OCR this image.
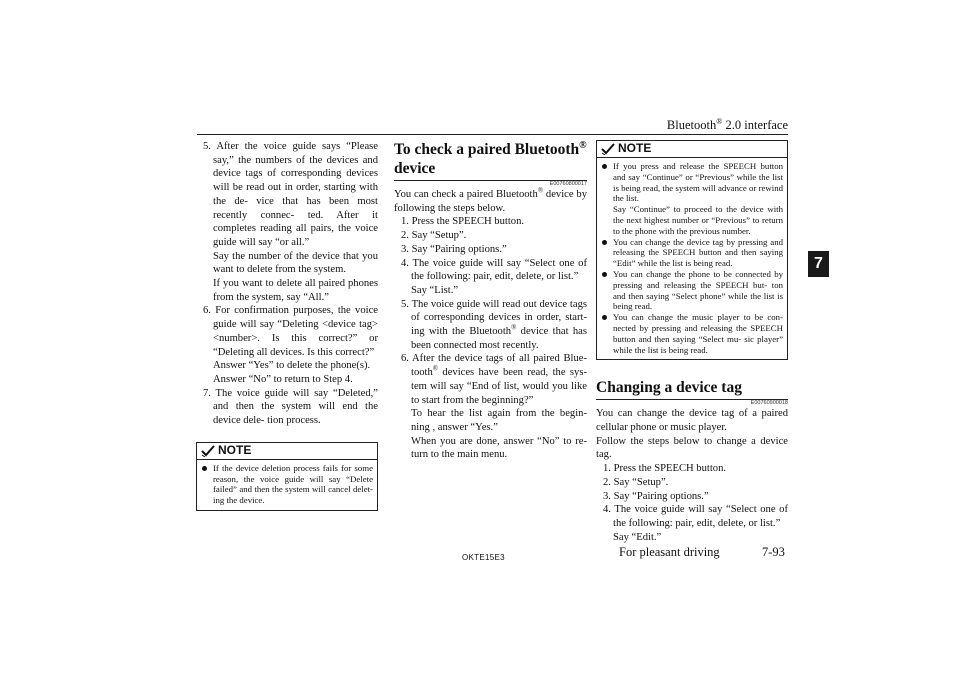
Bluetooth® 2.0 interface
7

5. After the voice guide says “Please say,” the numbers of the devices and device tags of corresponding devices will be read out in order, starting with the de- vice that has been most recently connec- ted. After it completes reading all pairs, the voice guide will say “or all.”

Say the number of the device that you want to delete from the system.

If you want to delete all paired phones from the system, say “All.”

6. For confirmation purposes, the voice guide will say “Deleting <device tag> <number>. Is this correct?” or “Deleting all devices. Is this correct?”

Answer “Yes” to delete the phone(s).

Answer “No” to return to Step 4.

7. The voice guide will say “Deleted,” and then the system will end the device dele- tion process.

NOTE

If the device deletion process fails for some reason, the voice guide will say “Delete failed” and then the system will cancel delet- ing the device.

To check a paired Bluetooth®
device
E00760800017

You can check a paired Bluetooth® device by following the steps below.

1. Press the SPEECH button.

2. Say “Setup”.

3. Say “Pairing options.”

4. The voice guide will say “Select one of the following: pair, edit, delete, or list.”

Say “List.”

5. The voice guide will read out device tags of corresponding devices in order, start- ing with the Bluetooth® device that has been connected most recently.

6. After the device tags of all paired Blue- tooth® devices have been read, the sys- tem will say “End of list, would you like to start from the beginning?”

To hear the list again from the begin- ning , answer “Yes.”

When you are done, answer “No” to re- turn to the main menu.

NOTE

If you press and release the SPEECH button and say “Continue” or “Previous” while the list is being read, the system will advance or rewind the list.

Say “Continue” to proceed to the device with the next highest number or “Previous” to return to the phone with the previous number.

You can change the device tag by pressing and releasing the SPEECH button and then saying “Edit” while the list is being read.

You can change the phone to be connected by pressing and releasing the SPEECH but- ton and then saying “Select phone” while the list is being read.

You can change the music player to be con- nected by pressing and releasing the SPEECH button and then saying “Select mu- sic player” while the list is being read.

Changing a device tag
E00760900018

You can change the device tag of a paired cellular phone or music player.

Follow the steps below to change a device tag.

1. Press the SPEECH button.

2. Say “Setup”.

3. Say “Pairing options.”

4. The voice guide will say “Select one of the following: pair, edit, delete, or list.”

Say “Edit.”

OKTE15E3	For pleasant driving	7-93
